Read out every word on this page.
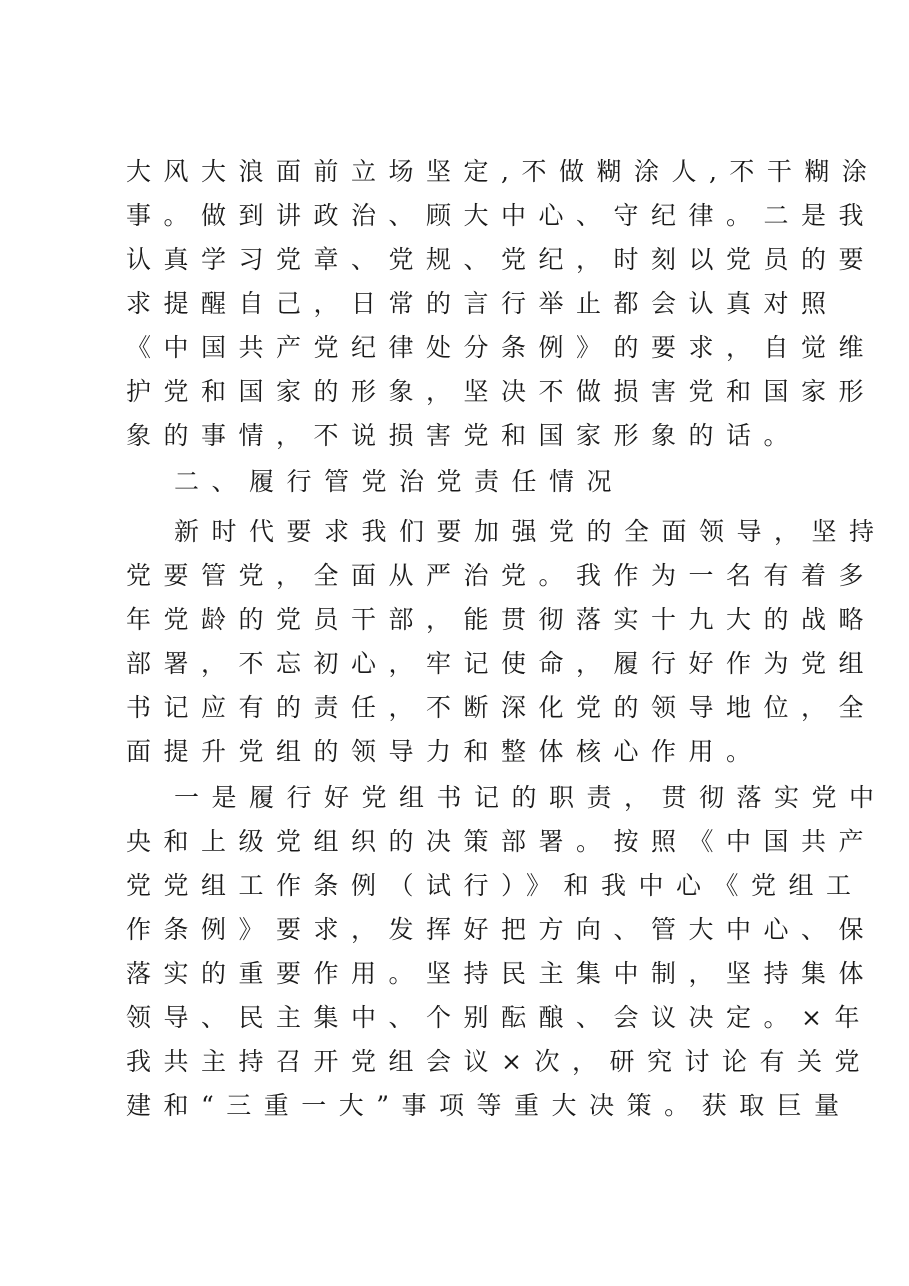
大风大浪面前立场坚定,不做糊涂人,不干糊涂
事。做到讲政治、顾大中心、守纪律。二是我
认真学习党章、党规、党纪，时刻以党员的要
求提醒自己，日常的言行举止都会认真对照
《中国共产党纪律处分条例》的要求，自觉维
护党和国家的形象，坚决不做损害党和国家形
象的事情，不说损害党和国家形象的话。
二、履行管党治党责任情况
新时代要求我们要加强党的全面领导，坚持
党要管党，全面从严治党。我作为一名有着多
年党龄的党员干部，能贯彻落实十九大的战略
部署，不忘初心，牢记使命，履行好作为党组
书记应有的责任，不断深化党的领导地位，全
面提升党组的领导力和整体核心作用。
一是履行好党组书记的职责，贯彻落实党中
央和上级党组织的决策部署。按照《中国共产
党党组工作条例（试行）》和我中心《党组工
作条例》要求，发挥好把方向、管大中心、保
落实的重要作用。坚持民主集中制，坚持集体
领导、民主集中、个别酝酿、会议决定。×年
我共主持召开党组会议×次，研究讨论有关党
建和“三重一大”事项等重大决策。获取巨量
